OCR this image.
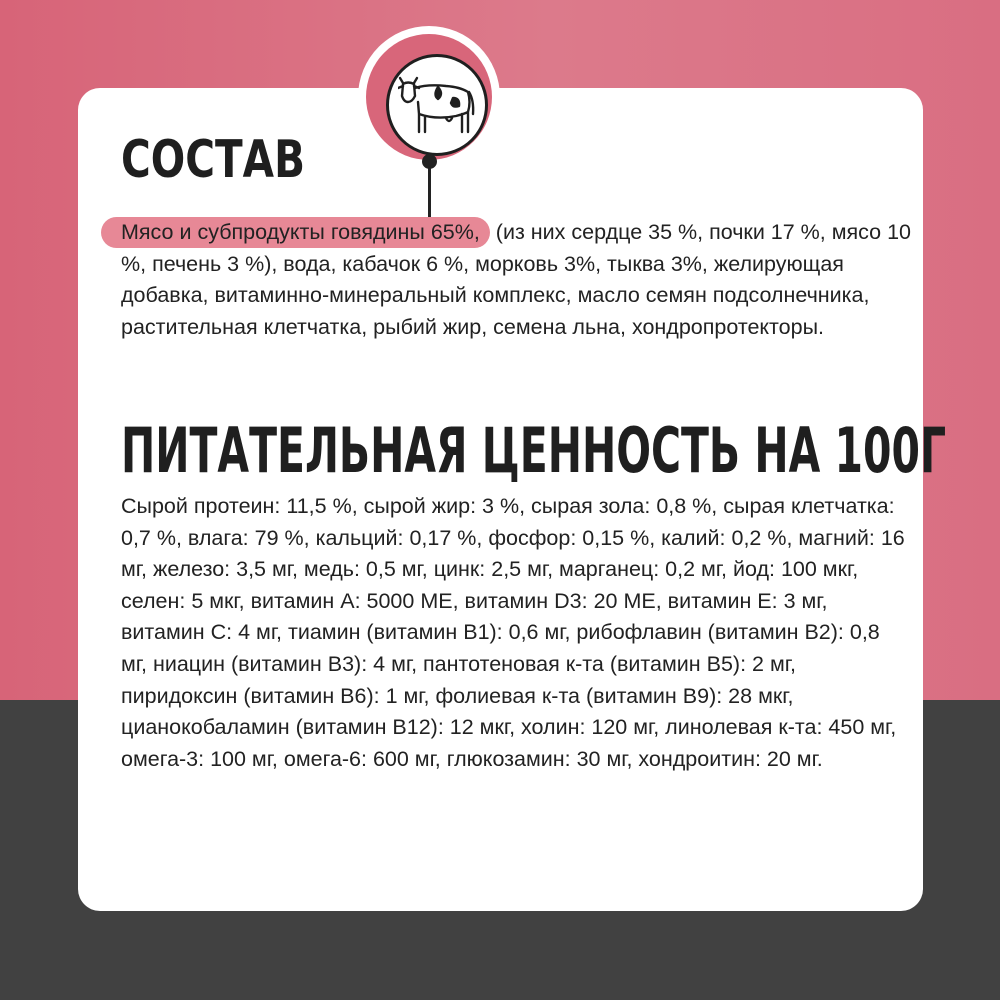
СОСТАВ

Мясо и субпродукты говядины 65%, (из них сердце 35 %, почки 17 %, мясо 10 %, печень 3 %), вода, кабачок 6 %, морковь 3%, тыква 3%, желирующая добавка, витаминно-минеральный комплекс, масло семян подсолнечника, растительная клетчатка, рыбий жир, семена льна, хондропротекторы.

ПИТАТЕЛЬНАЯ ЦЕННОСТЬ НА 100Г

Сырой протеин: 11,5 %, сырой жир: 3 %, сырая зола: 0,8 %, сырая клетчатка: 0,7 %, влага: 79 %, кальций: 0,17 %, фосфор: 0,15 %, калий: 0,2 %, магний: 16 мг, железо: 3,5 мг, медь: 0,5 мг, цинк: 2,5 мг, марганец: 0,2 мг, йод: 100 мкг, селен: 5 мкг, витамин А: 5000 МЕ, витамин D3: 20 МЕ, витамин Е: 3 мг, витамин С: 4 мг, тиамин (витамин В1): 0,6 мг, рибофлавин (витамин В2): 0,8 мг, ниацин (витамин В3): 4 мг, пантотеновая к-та (витамин В5): 2 мг, пиридоксин (витамин В6): 1 мг, фолиевая к-та (витамин В9): 28 мкг, цианокобаламин (витамин В12): 12 мкг, холин: 120 мг, линолевая к-та: 450 мг, омега-3: 100 мг, омега-6: 600 мг, глюкозамин: 30 мг, хондроитин: 20 мг.
